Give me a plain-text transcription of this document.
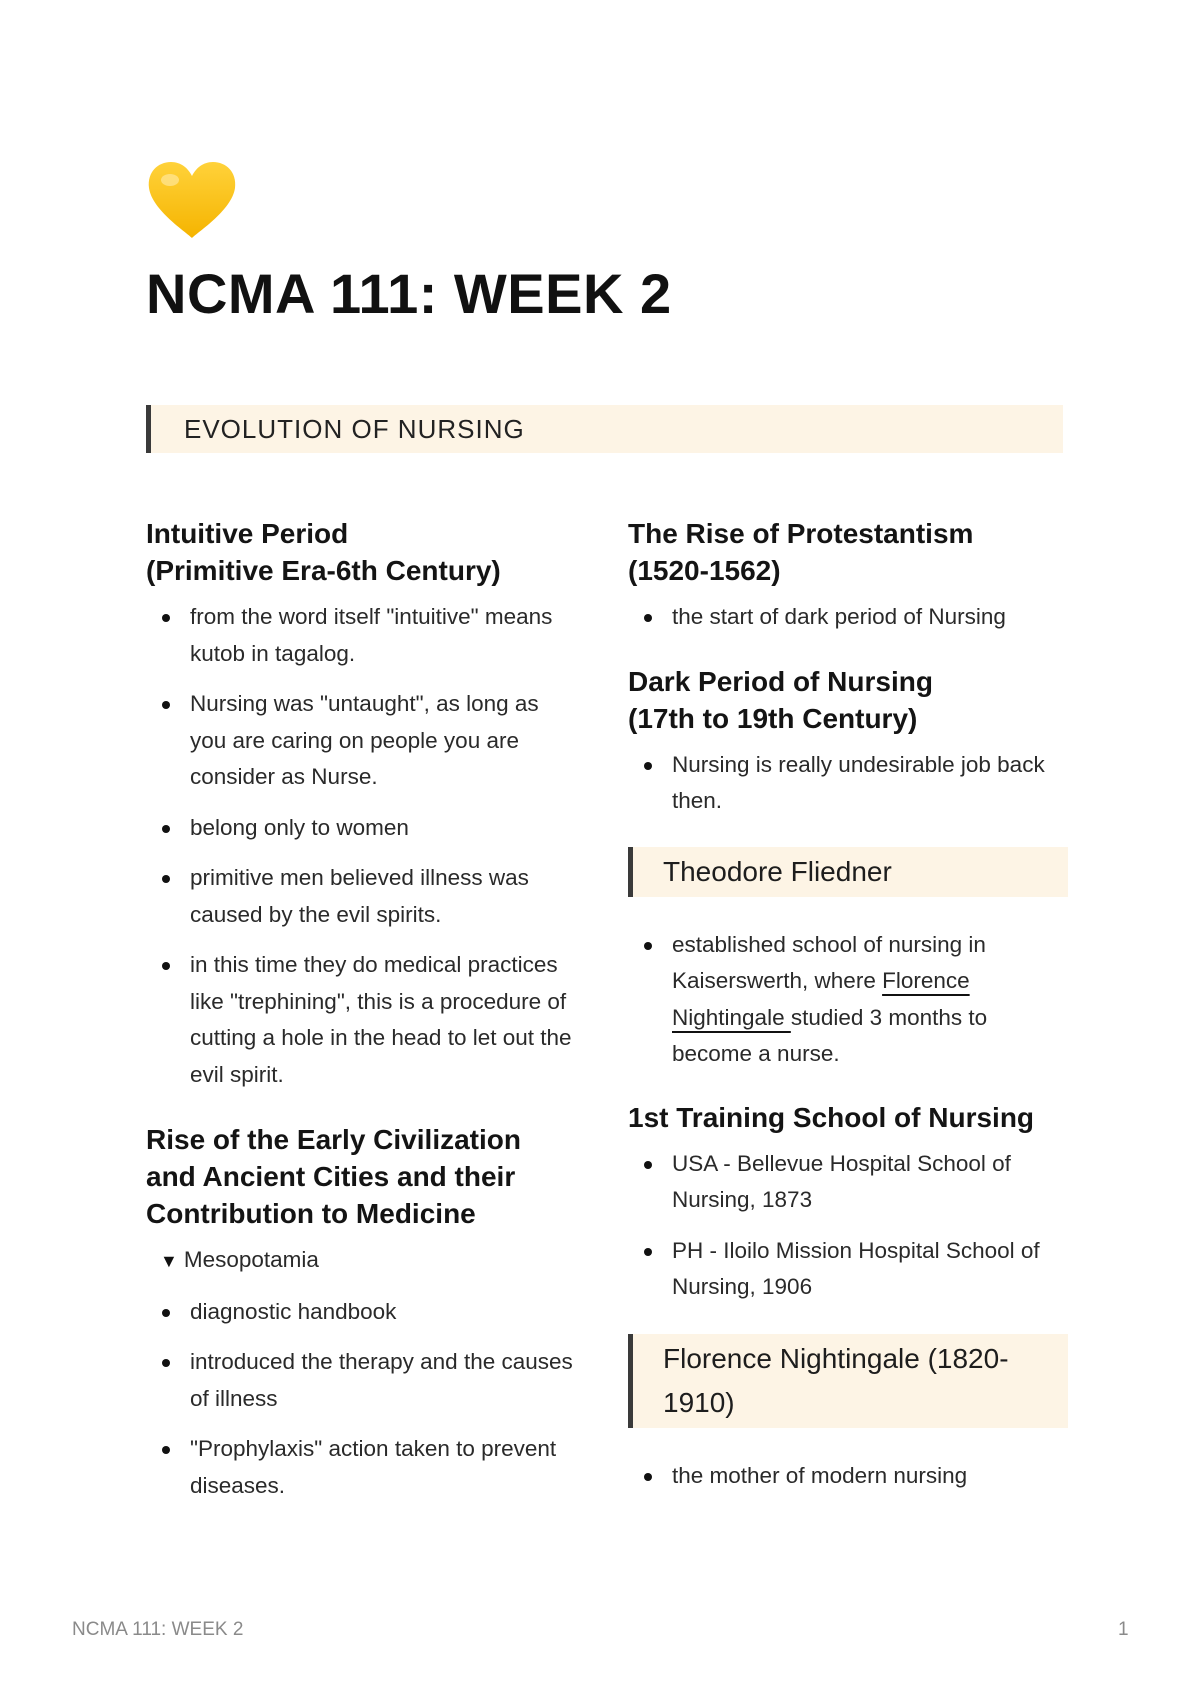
NCMA 111: WEEK 2
EVOLUTION OF NURSING
Intuitive Period
(Primitive Era-6th Century)
from the word itself "intuitive" means kutob in tagalog.
Nursing was "untaught", as long as you are caring on people you are consider as Nurse.
belong only to women
primitive men believed illness was caused by the evil spirits.
in this time they do medical practices like "trephining", this is a procedure of cutting a hole in the head to let out the evil spirit.
Rise of the Early Civilization and Ancient Cities and their Contribution to Medicine
▼ Mesopotamia
diagnostic handbook
introduced the therapy and the causes of illness
"Prophylaxis" action taken to prevent diseases.
The Rise of Protestantism
(1520-1562)
the start of dark period of Nursing
Dark Period of Nursing
(17th to 19th Century)
Nursing is really undesirable job back then.
Theodore Fliedner
established school of nursing in Kaiserswerth, where Florence Nightingale studied 3 months to become a nurse.
1st Training School of Nursing
USA - Bellevue Hospital School of Nursing, 1873
PH - Iloilo Mission Hospital School of Nursing, 1906
Florence Nightingale (1820-1910)
the mother of modern nursing
NCMA 111: WEEK 2	1
